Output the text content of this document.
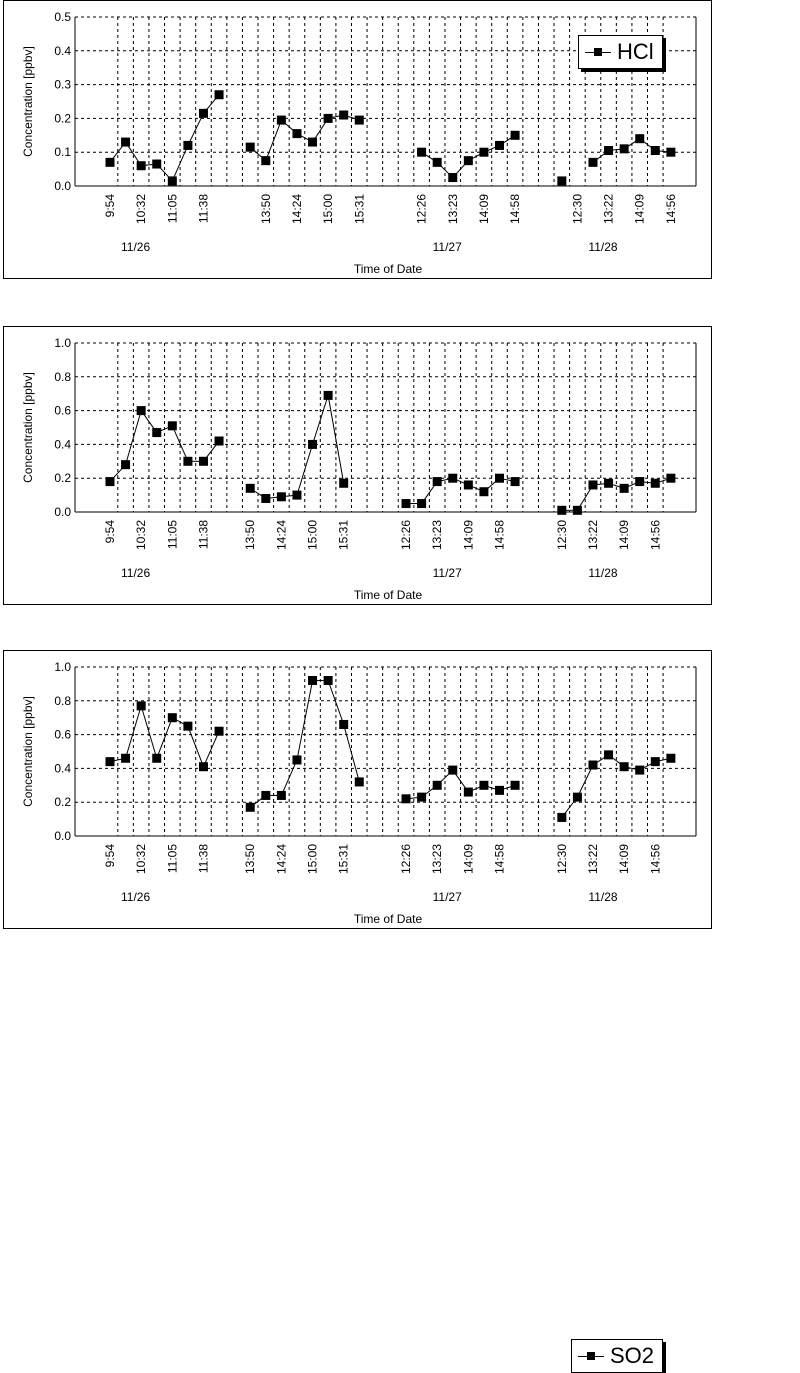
0.0
0.1
0.2
0.3
0.4
0.5
9:54 10:32 11:05 11:38	13:50 14:24 15:00 15:31	12:26 13:23 14:09 14:58	12:30 13:22 14:09 14:56
11/26	11/27	11/28
Time of Date
Concentration [ppbv]	HCl
0.0
0.2
0.4
0.6
0.8
1.0
9:54 10:32 11:05 11:38	13:50 14:24 15:00 15:31	12:26 13:23 14:09 14:58	12:30 13:22 14:09 14:56
11/26	11/27	11/28
Time of Date
Concentration [ppbv]
0.0
0.2
0.4
0.6
0.8
1.0
9:54 10:32 11:05 11:38	13:50 14:24 15:00 15:31	12:26 13:23 14:09 14:58	12:30 13:22 14:09 14:56
11/26	11/27	11/28
Time of Date
Concentration [ppbv]
SO2
